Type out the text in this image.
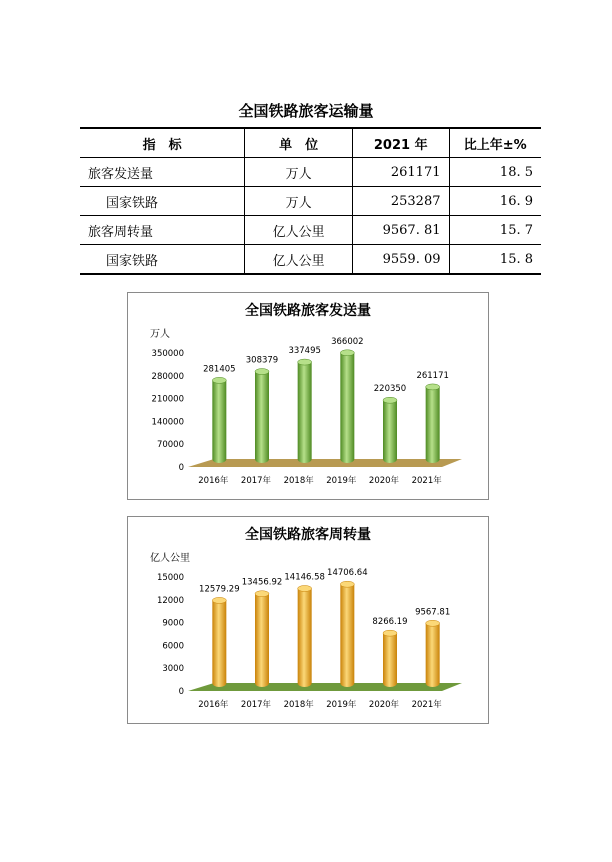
全国铁路旅客运输量
指　标	单　位	2021 年	比上年±%
旅客发送量	万人	261171	18. 5
国家铁路	万人	253287	16. 9
旅客周转量	亿人公里	9567. 81	15. 7
国家铁路	亿人公里	9559. 09	15. 8
全国铁路旅客发送量
万人
0
70000
140000
210000
280000
350000
281405
2016年
308379
2017年
337495
2018年
366002
2019年
220350
2020年
261171
2021年
全国铁路旅客周转量
亿人公里
0
3000
6000
9000
12000
15000
12579.29
2016年
13456.92
2017年
14146.58
2018年
14706.64
2019年
8266.19
2020年
9567.81
2021年
